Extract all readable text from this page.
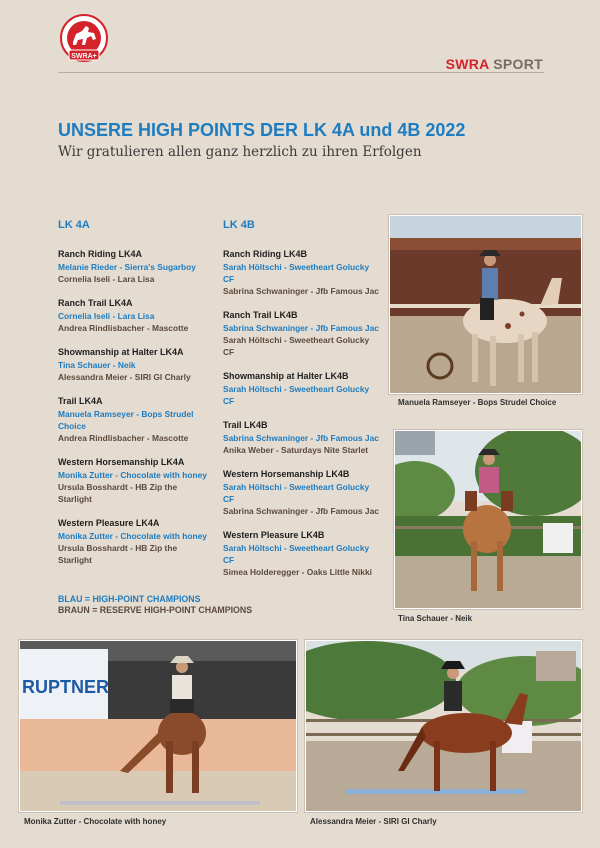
SWRA+	SWRA SPORT
UNSERE HIGH POINTS DER LK 4A und 4B 2022
Wir gratulieren allen ganz herzlich zu ihren Erfolgen
LK 4A
Ranch Riding LK4A
Melanie Rieder - Sierra's Sugarboy
Cornelia Iseli - Lara Lisa
Ranch Trail LK4A
Cornelia Iseli - Lara Lisa
Andrea Rindlisbacher - Mascotte
Showmanship at Halter LK4A
Tina Schauer - Neik
Alessandra Meier - SIRI GI Charly
Trail LK4A
Manuela Ramseyer - Bops Strudel Choice
Andrea Rindlisbacher - Mascotte
Western Horsemanship LK4A
Monika Zutter - Chocolate with honey
Ursula Bosshardt - HB Zip the Starlight
Western Pleasure LK4A
Monika Zutter - Chocolate with honey
Ursula Bosshardt - HB Zip the Starlight
LK 4B
Ranch Riding LK4B
Sarah Höltschi - Sweetheart Golucky CF
Sabrina Schwaninger - Jfb Famous Jac
Ranch Trail LK4B
Sabrina Schwaninger - Jfb Famous Jac
Sarah Höltschi - Sweetheart Golucky CF
Showmanship at Halter LK4B
Sarah Höltschi - Sweetheart Golucky CF
Trail LK4B
Sabrina Schwaninger - Jfb Famous Jac
Anika Weber - Saturdays Nite Starlet
Western Horsemanship LK4B
Sarah Höltschi - Sweetheart Golucky CF
Sabrina Schwaninger - Jfb Famous Jac
Western Pleasure LK4B
Sarah Höltschi - Sweetheart Golucky CF
Simea Holderegger - Oaks Little Nikki
BLAU = HIGH-POINT CHAMPIONS
BRAUN = RESERVE HIGH-POINT CHAMPIONS
Manuela Ramseyer - Bops Strudel Choice
Tina Schauer - Neik
RUPTNER
Monika Zutter - Chocolate with honey	Alessandra Meier - SIRI GI Charly
